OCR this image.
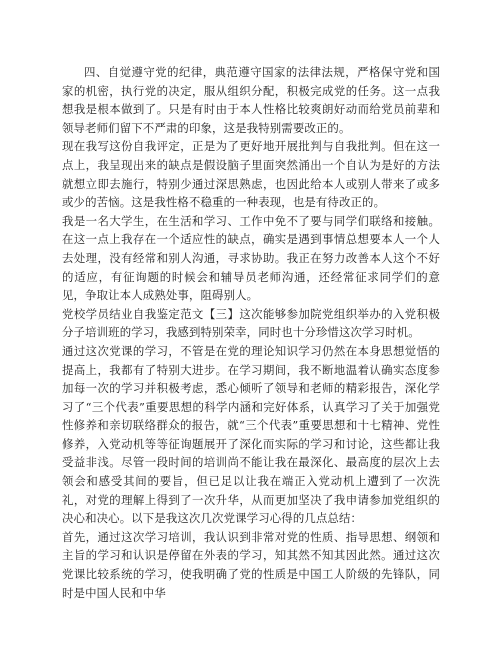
四、自觉遵守党的纪律，典范遵守国家的法律法规，严格保守党和国家的机密，执行党的决定，服从组织分配，积极完成党的任务。这一点我想我是根本做到了。只是有时由于本人性格比较爽朗好动而给党员前辈和领导老师们留下不严肃的印象，这是我特别需要改正的。

现在我写这份自我评定，正是为了更好地开展批判与自我批判。但在这一点上，我呈现出来的缺点是假设脑子里面突然涌出一个自认为是好的方法就想立即去施行，特别少通过深思熟虑，也因此给本人或别人带来了或多或少的苦恼。这是我性格不稳重的一种表现，也是有待改正的。

我是一名大学生，在生活和学习、工作中免不了要与同学们联络和接触。在这一点上我存在一个适应性的缺点，确实是遇到事情总想要本人一个人去处理，没有经常和别人沟通，寻求协助。我正在努力改善本人这个不好的适应，有征询题的时候会和辅导员老师沟通，还经常征求同学们的意见，争取让本人成熟处事，阻碍别人。

党校学员结业自我鉴定范文【三】这次能够参加院党组织举办的入党积极分子培训班的学习，我感到特别荣幸，同时也十分珍惜这次学习时机。

通过这次党课的学习，不管是在党的理论知识学习仍然在本身思想觉悟的提高上，我都有了特别大进步。在学习期间，我不断地温着认确实态度参加每一次的学习并积极考虑，悉心倾听了领导和老师的精彩报告，深化学习了“三个代表”重要思想的科学内涵和完好体系，认真学习了关于加强党性修养和亲切联络群众的报告，就“三个代表”重要思想和十七精神、党性修养，入党动机等等征询题展开了深化而实际的学习和讨论，这些都让我受益非浅。尽管一段时间的培训尚不能让我在最深化、最高度的层次上去领会和感受其间的要旨，但已足以让我在端正入党动机上遭到了一次洗礼，对党的理解上得到了一次升华，从而更加坚决了我申请参加党组织的决心和决心。以下是我这次几次党课学习心得的几点总结：

首先，通过这次学习培训，我认识到非常对党的性质、指导思想、纲领和主旨的学习和认识是停留在外表的学习，知其然不知其因此然。通过这次党课比较系统的学习，使我明确了党的性质是中国工人阶级的先锋队，同时是中国人民和中华
